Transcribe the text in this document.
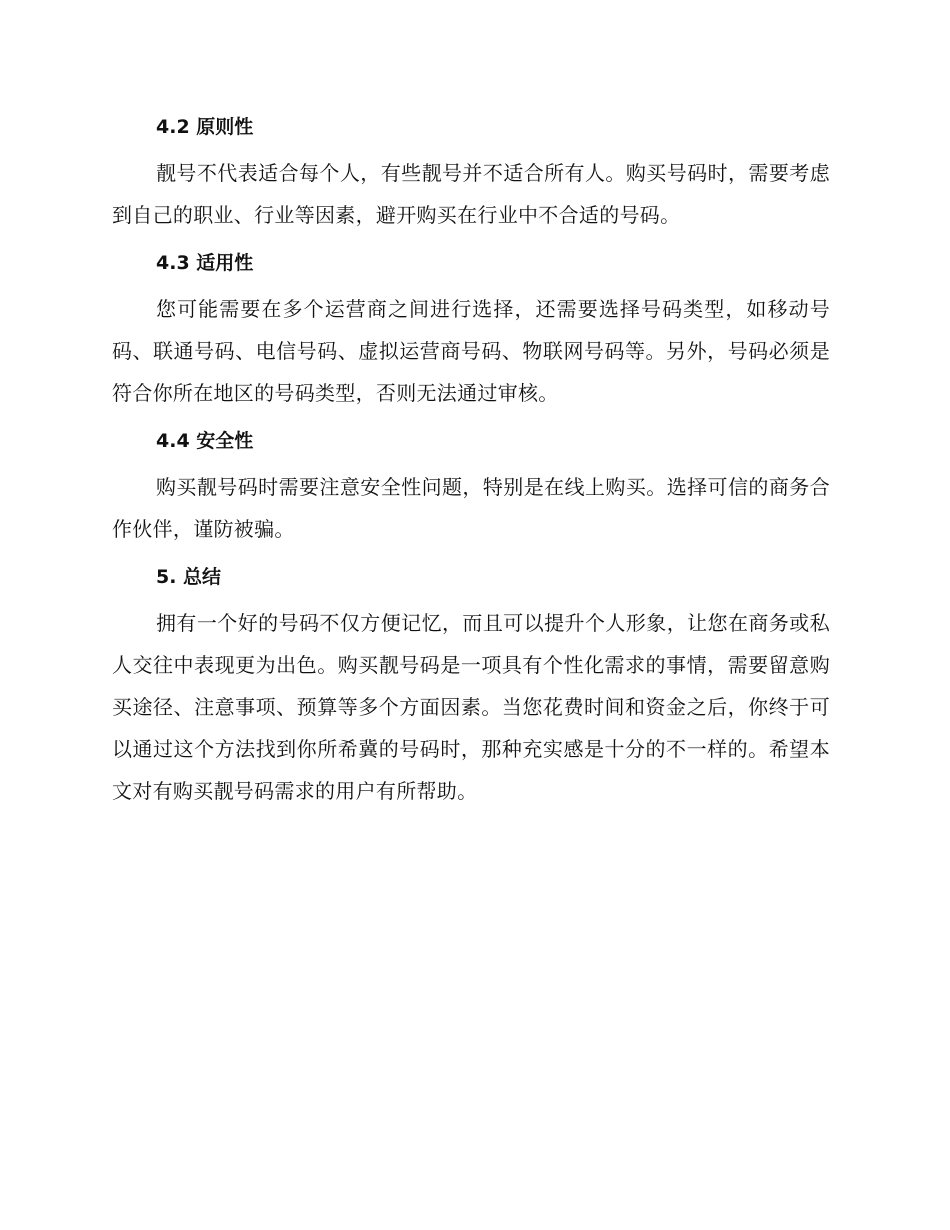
4.2 原则性

靓号不代表适合每个人，有些靓号并不适合所有人。购买号码时，需要考虑到自己的职业、行业等因素，避开购买在行业中不合适的号码。

4.3 适用性

您可能需要在多个运营商之间进行选择，还需要选择号码类型，如移动号码、联通号码、电信号码、虚拟运营商号码、物联网号码等。另外，号码必须是符合你所在地区的号码类型，否则无法通过审核。

4.4 安全性

购买靓号码时需要注意安全性问题，特别是在线上购买。选择可信的商务合作伙伴，谨防被骗。

5. 总结

拥有一个好的号码不仅方便记忆，而且可以提升个人形象，让您在商务或私人交往中表现更为出色。购买靓号码是一项具有个性化需求的事情，需要留意购买途径、注意事项、预算等多个方面因素。当您花费时间和资金之后，你终于可以通过这个方法找到你所希冀的号码时，那种充实感是十分的不一样的。希望本文对有购买靓号码需求的用户有所帮助。
